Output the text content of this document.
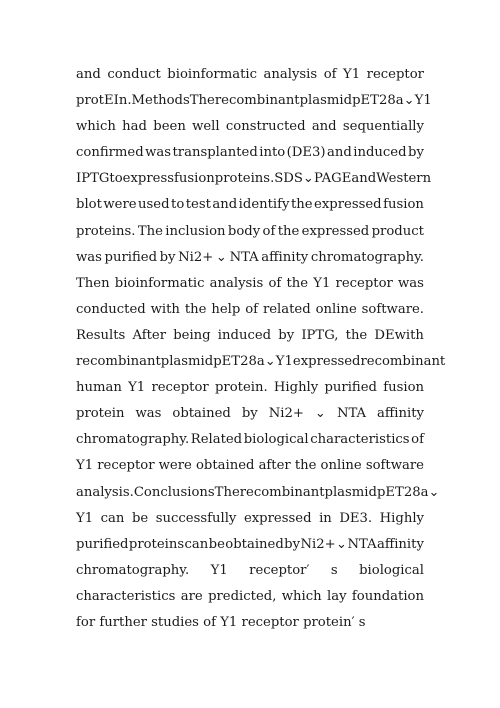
and conduct bioinformatic analysis of Y1 receptor
protEIn. Methods The recombinant plasmid pET28a ⌄ Y1
which had been well constructed and sequentially
confirmed was transplanted into (DE3) and induced by
IPTG to express fusion proteins. SDS ⌄ PAGE and Western
blot were used to test and identify the expressed fusion
proteins. The inclusion body of the expressed product
was purified by Ni2+ ⌄ NTA affinity chromatography.
Then bioinformatic analysis of the Y1 receptor was
conducted with the help of related online software.
Results After being induced by IPTG, the DEwith
recombinant plasmid pET28a ⌄ Y1 expressed recombinant
human Y1 receptor protein. Highly purified fusion
protein was obtained by Ni2+ ⌄ NTA affinity
chromatography. Related biological characteristics of
Y1 receptor were obtained after the online software
analysis. Conclusions The recombinant plasmid pET28a ⌄
Y1 can be successfully expressed in DE3. Highly
purified proteins can be obtained by Ni2+ ⌄ NTA affinity
chromatography. Y1 receptor′ s biological
characteristics are predicted, which lay foundation
for further studies of Y1 receptor protein′ s
